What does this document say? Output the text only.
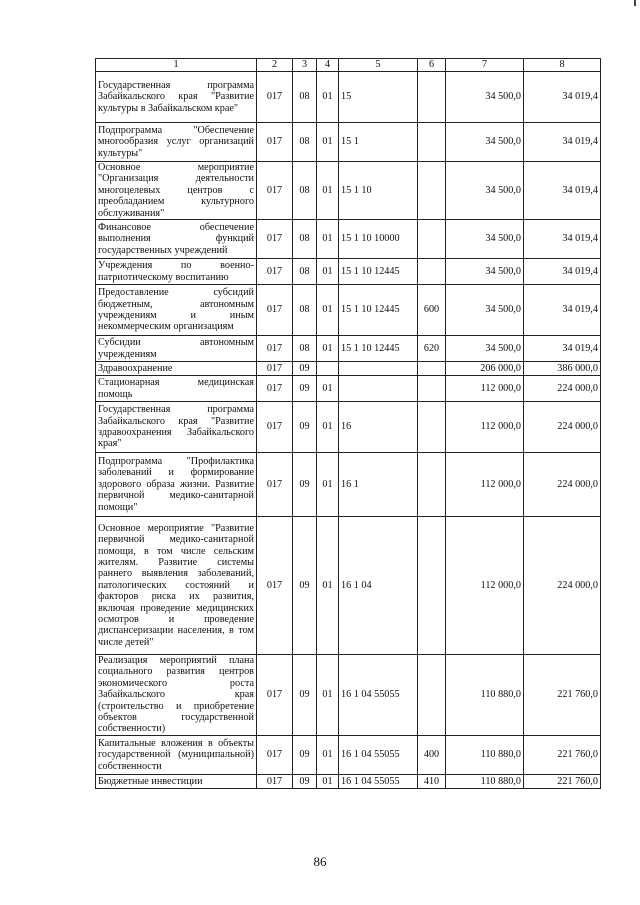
1	2	3	4	5	6	7	8
Государственная программа Забайкальского края "Развитие культуры в Забайкальском крае"	017	08	01	15		34 500,0	34 019,4
Подпрограмма "Обеспечение многообразия услуг организаций культуры"	017	08	01	15 1		34 500,0	34 019,4
Основное мероприятие "Организация деятельности многоцелевых центров с преобладанием культурного обслуживания"	017	08	01	15 1 10		34 500,0	34 019,4
Финансовое обеспечение выполнения функций государственных учреждений	017	08	01	15 1 10 10000		34 500,0	34 019,4
Учреждения по военно-патриотическому воспитанию	017	08	01	15 1 10 12445		34 500,0	34 019,4
Предоставление субсидий бюджетным, автономным учреждениям и иным некоммерческим организациям	017	08	01	15 1 10 12445	600	34 500,0	34 019,4
Субсидии автономным учреждениям	017	08	01	15 1 10 12445	620	34 500,0	34 019,4
Здравоохранение	017	09				206 000,0	386 000,0
Стационарная медицинская помощь	017	09	01			112 000,0	224 000,0
Государственная программа Забайкальского края "Развитие здравоохранения Забайкальского края"	017	09	01	16		112 000,0	224 000,0
Подпрограмма "Профилактика заболеваний и формирование здорового образа жизни. Развитие первичной медико-санитарной помощи"	017	09	01	16 1		112 000,0	224 000,0
Основное мероприятие "Развитие первичной медико-санитарной помощи, в том числе сельским жителям. Развитие системы раннего выявления заболеваний, патологических состояний и факторов риска их развития, включая проведение медицинских осмотров и проведение диспансеризации населения, в том числе детей"	017	09	01	16 1 04		112 000,0	224 000,0
Реализация мероприятий плана социального развития центров экономического роста Забайкальского края (строительство и приобретение объектов государственной собственности)	017	09	01	16 1 04 55055		110 880,0	221 760,0
Капитальные вложения в объекты государственной (муниципальной) собственности	017	09	01	16 1 04 55055	400	110 880,0	221 760,0
Бюджетные инвестиции	017	09	01	16 1 04 55055	410	110 880,0	221 760,0
86
